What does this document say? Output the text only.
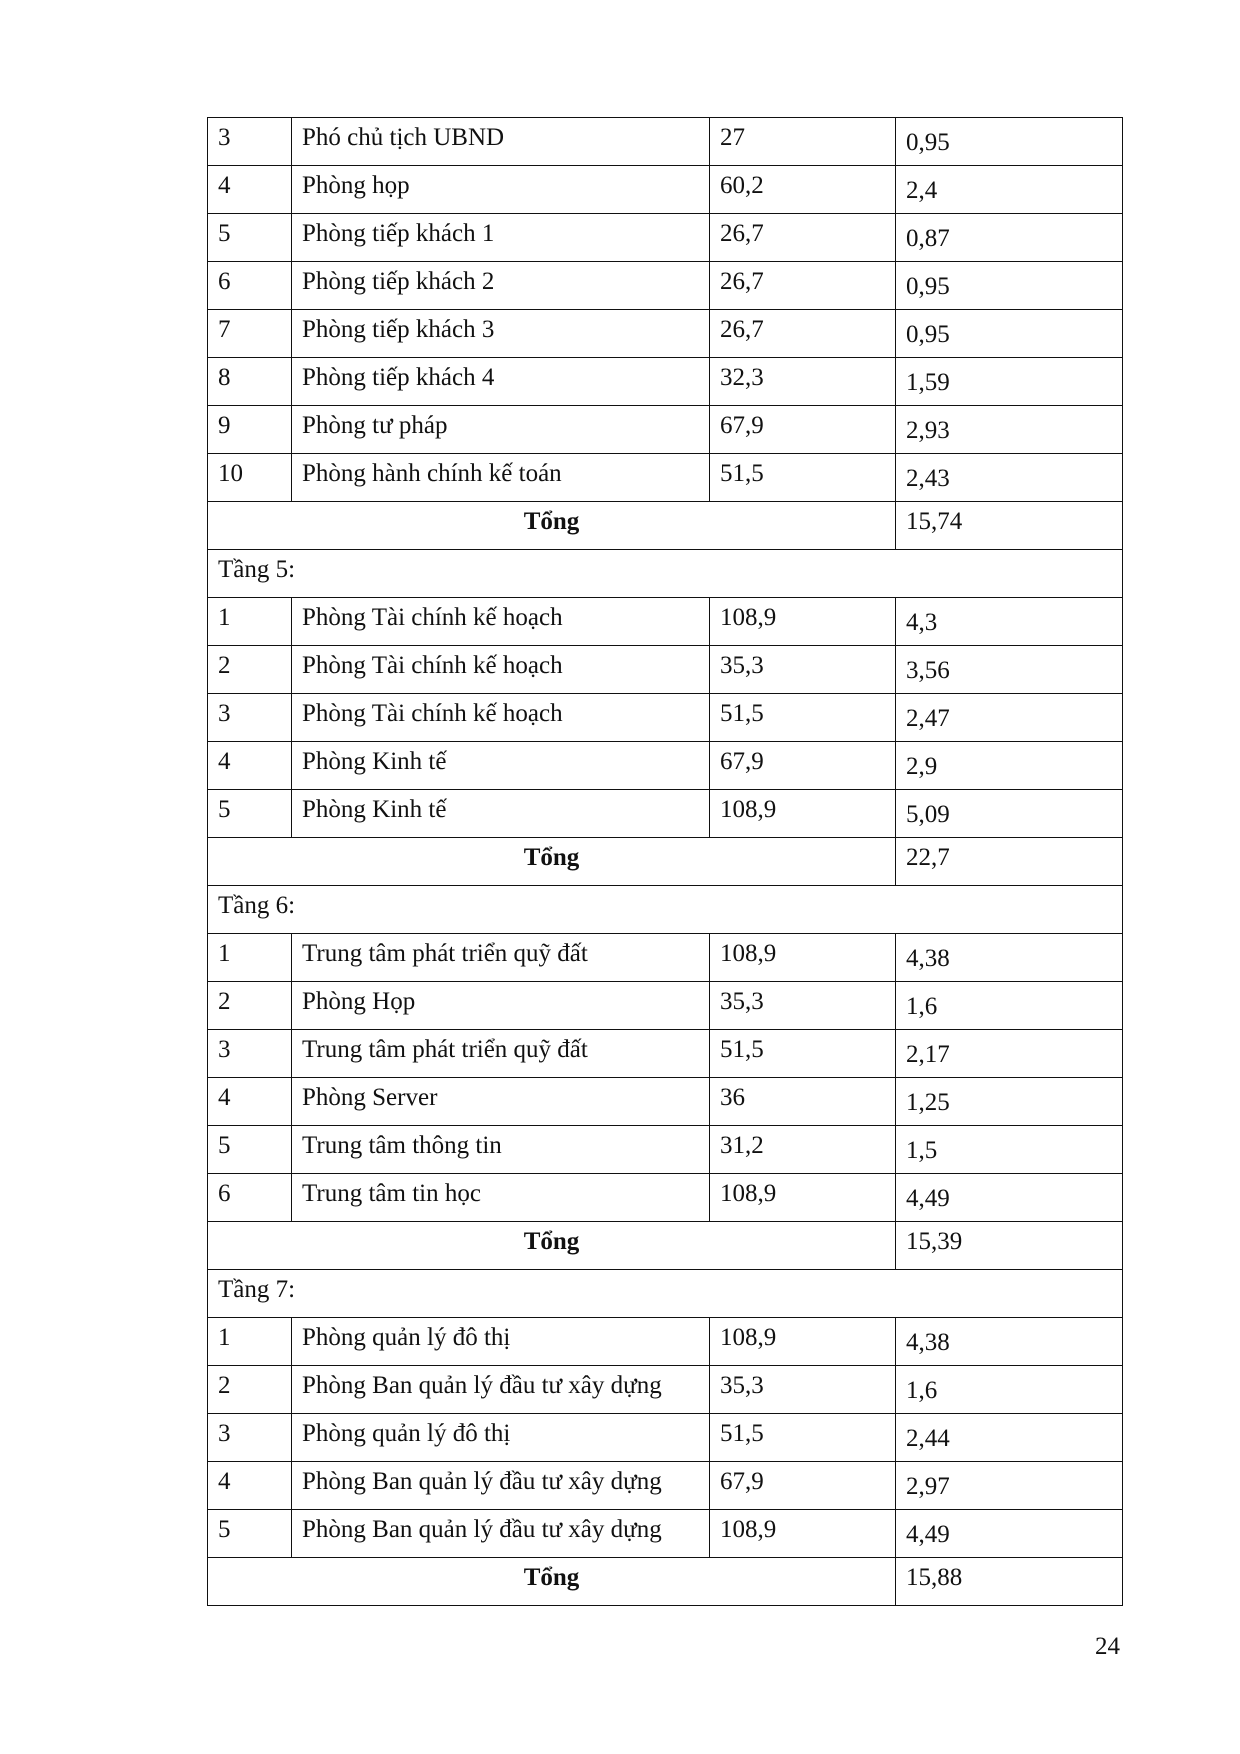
3	Phó chủ tịch UBND	27	0,95

4	Phòng họp	60,2	2,4

5	Phòng tiếp khách 1	26,7	0,87

6	Phòng tiếp khách 2	26,7	0,95

7	Phòng tiếp khách 3	26,7	0,95

8	Phòng tiếp khách 4	32,3	1,59

9	Phòng tư pháp	67,9	2,93

10	Phòng hành chính kế toán	51,5	2,43

Tổng			15,74

Tầng 5:			

1	Phòng Tài chính kế hoạch	108,9	4,3

2	Phòng Tài chính kế hoạch	35,3	3,56

3	Phòng Tài chính kế hoạch	51,5	2,47

4	Phòng Kinh tế	67,9	2,9

5	Phòng Kinh tế	108,9	5,09

Tổng			22,7

Tầng 6:			

1	Trung tâm phát triển quỹ đất	108,9	4,38

2	Phòng Họp	35,3	1,6

3	Trung tâm phát triển quỹ đất	51,5	2,17

4	Phòng Server	36	1,25

5	Trung tâm thông tin	31,2	1,5

6	Trung tâm tin học	108,9	4,49

Tổng			15,39

Tầng 7:			

1	Phòng quản lý đô thị	108,9	4,38

2	Phòng Ban quản lý đầu tư xây dựng	35,3	1,6

3	Phòng quản lý đô thị	51,5	2,44

4	Phòng Ban quản lý đầu tư xây dựng	67,9	2,97

5	Phòng Ban quản lý đầu tư xây dựng	108,9	4,49

Tổng			15,88
24
